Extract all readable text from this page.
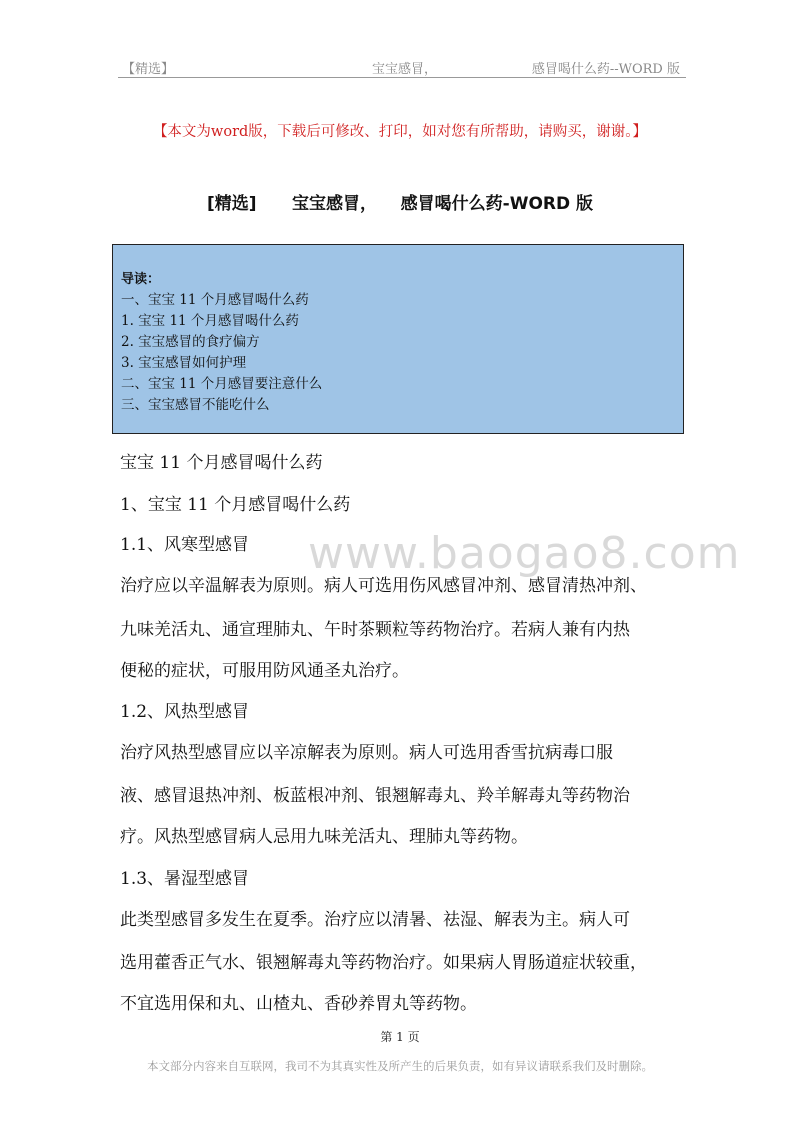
【精选】	宝宝感冒，	感冒喝什么药--WORD 版
【本文为word版，下载后可修改、打印，如对您有所帮助，请购买，谢谢。】
[精选]      宝宝感冒，    感冒喝什么药-WORD 版
导读：
一、宝宝 11 个月感冒喝什么药
1. 宝宝 11 个月感冒喝什么药
2. 宝宝感冒的食疗偏方
3. 宝宝感冒如何护理
二、宝宝 11 个月感冒要注意什么
三、宝宝感冒不能吃什么
宝宝 11 个月感冒喝什么药
1、宝宝 11 个月感冒喝什么药
1.1、风寒型感冒
治疗应以辛温解表为原则。病人可选用伤风感冒冲剂、感冒清热冲剂、
九味羌活丸、通宣理肺丸、午时茶颗粒等药物治疗。若病人兼有内热
便秘的症状，可服用防风通圣丸治疗。
1.2、风热型感冒
治疗风热型感冒应以辛凉解表为原则。病人可选用香雪抗病毒口服
液、感冒退热冲剂、板蓝根冲剂、银翘解毒丸、羚羊解毒丸等药物治
疗。风热型感冒病人忌用九味羌活丸、理肺丸等药物。
1.3、暑湿型感冒
此类型感冒多发生在夏季。治疗应以清暑、祛湿、解表为主。病人可
选用藿香正气水、银翘解毒丸等药物治疗。如果病人胃肠道症状较重，
不宜选用保和丸、山楂丸、香砂养胃丸等药物。
www.baogao8.com
第 1 页
本文部分内容来自互联网，我司不为其真实性及所产生的后果负责，如有异议请联系我们及时删除。
